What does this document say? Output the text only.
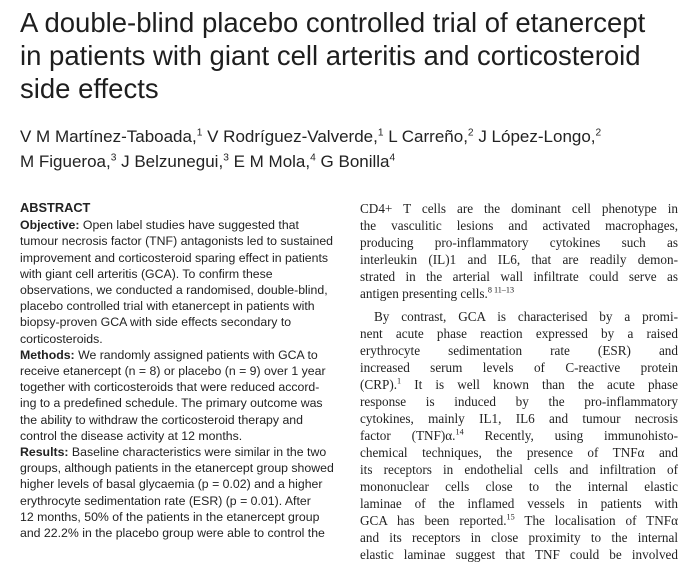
A double-blind placebo controlled trial of etanercept
in patients with giant cell arteritis and corticosteroid
side effects
V M Martínez-Taboada,$^1$ V Rodríguez-Valverde,$^1$ L Carreño,$^2$ J López-Longo,$^2$
M Figueroa,$^3$ J Belzunegui,$^3$ E M Mola,$^4$ G Bonilla$^4$
ABSTRACT
Objective: Open label studies have suggested that
tumour necrosis factor (TNF) antagonists led to sustained
improvement and corticosteroid sparing effect in patients
with giant cell arteritis (GCA). To confirm these
observations, we conducted a randomised, double-blind,
placebo controlled trial with etanercept in patients with
biopsy-proven GCA with side effects secondary to
corticosteroids.
Methods: We randomly assigned patients with GCA to
receive etanercept (n = 8) or placebo (n = 9) over 1 year
together with corticosteroids that were reduced accord-
ing to a predefined schedule. The primary outcome was
the ability to withdraw the corticosteroid therapy and
control the disease activity at 12 months.
Results: Baseline characteristics were similar in the two
groups, although patients in the etanercept group showed
higher levels of basal glycaemia (p = 0.02) and a higher
erythrocyte sedimentation rate (ESR) (p = 0.01). After
12 months, 50% of the patients in the etanercept group
and 22.2% in the placebo group were able to control the
CD4+ T cells are the dominant cell phenotype in
the vasculitic lesions and activated macrophages,
producing pro-inflammatory cytokines such as
interleukin (IL)1 and IL6, that are readily demon-
strated in the arterial wall infiltrate could serve as
antigen presenting cells.$^{8 11-13}$
By contrast, GCA is characterised by a promi-
nent acute phase reaction expressed by a raised
erythrocyte sedimentation rate (ESR) and
increased serum levels of C-reactive protein
(CRP).$^1$ It is well known than the acute phase
response is induced by the pro-inflammatory
cytokines, mainly IL1, IL6 and tumour necrosis
factor (TNF)α.$^{14}$ Recently, using immunohisto-
chemical techniques, the presence of TNFα and
its receptors in endothelial cells and infiltration of
mononuclear cells close to the internal elastic
laminae of the inflamed vessels in patients with
GCA has been reported.$^{15}$ The localisation of TNFα
and its receptors in close proximity to the internal
elastic laminae suggest that TNF could be involved
